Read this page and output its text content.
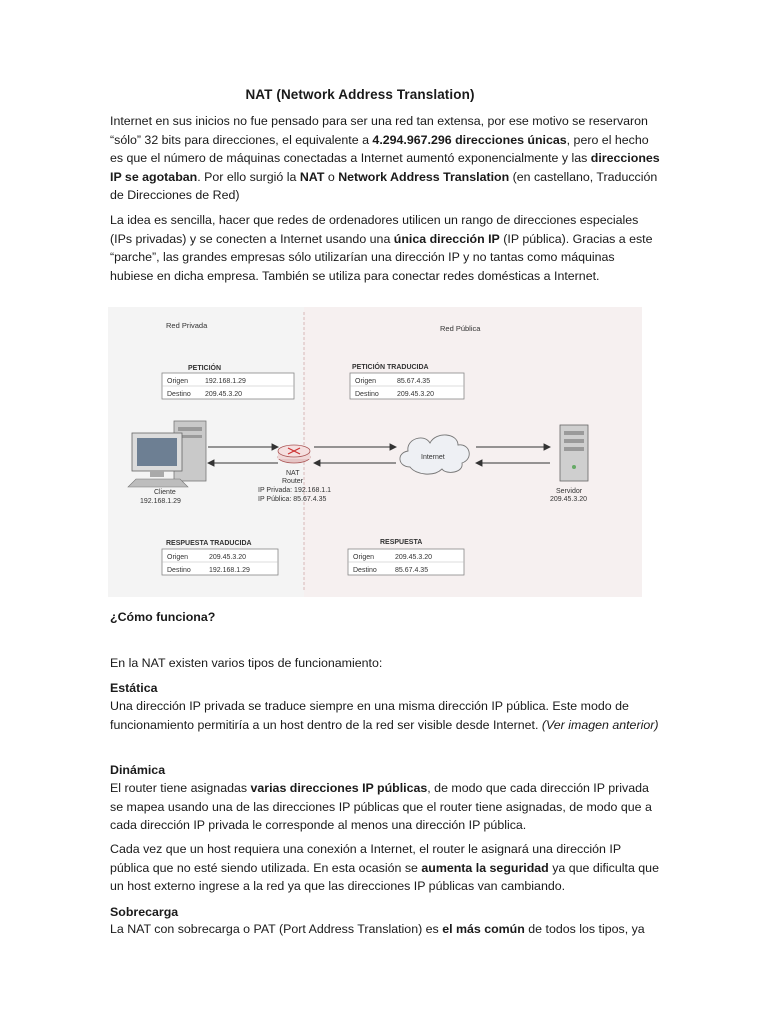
NAT (Network Address Translation)
Internet en sus inicios no fue pensado para ser una red tan extensa, por ese motivo se reservaron “sólo” 32 bits para direcciones, el equivalente a 4.294.967.296 direcciones únicas, pero el hecho es que el número de máquinas conectadas a Internet aumentó exponencialmente y las direcciones IP se agotaban. Por ello surgió la NAT o Network Address Translation (en castellano, Traducción de Direcciones de Red)
La idea es sencilla, hacer que redes de ordenadores utilicen un rango de direcciones especiales (IPs privadas) y se conecten a Internet usando una única dirección IP (IP pública). Gracias a este “parche”, las grandes empresas sólo utilizarían una dirección IP y no tantas como máquinas hubiese en dicha empresa. También se utiliza para conectar redes domésticas a Internet.
Red Privada	Red Pública
PETICIÓN
Origen 192.168.1.29
Destino 209.45.3.20
PETICIÓN TRADUCIDA
Origen	85.67.4.35
Destino	209.45.3.20
Cliente
192.168.1.29
NAT
Router
IP Privada: 192.168.1.1
IP Pública: 85.67.4.35
Internet
Servidor
209.45.3.20
RESPUESTA TRADUCIDA
Origen	209.45.3.20
Destino	192.168.1.29
RESPUESTA
Origen	209.45.3.20
Destino	85.67.4.35
¿Cómo funciona?
En la NAT existen varios tipos de funcionamiento:
Estática
Una dirección IP privada se traduce siempre en una misma dirección IP pública. Este modo de funcionamiento permitiría a un host dentro de la red ser visible desde Internet. (Ver imagen anterior)
Dinámica
El router tiene asignadas varias direcciones IP públicas, de modo que cada dirección IP privada se mapea usando una de las direcciones IP públicas que el router tiene asignadas, de modo que a cada dirección IP privada le corresponde al menos una dirección IP pública.
Cada vez que un host requiera una conexión a Internet, el router le asignará una dirección IP pública que no esté siendo utilizada. En esta ocasión se aumenta la seguridad ya que dificulta que un host externo ingrese a la red ya que las direcciones IP públicas van cambiando.
Sobrecarga
La NAT con sobrecarga o PAT (Port Address Translation) es el más común de todos los tipos, ya
